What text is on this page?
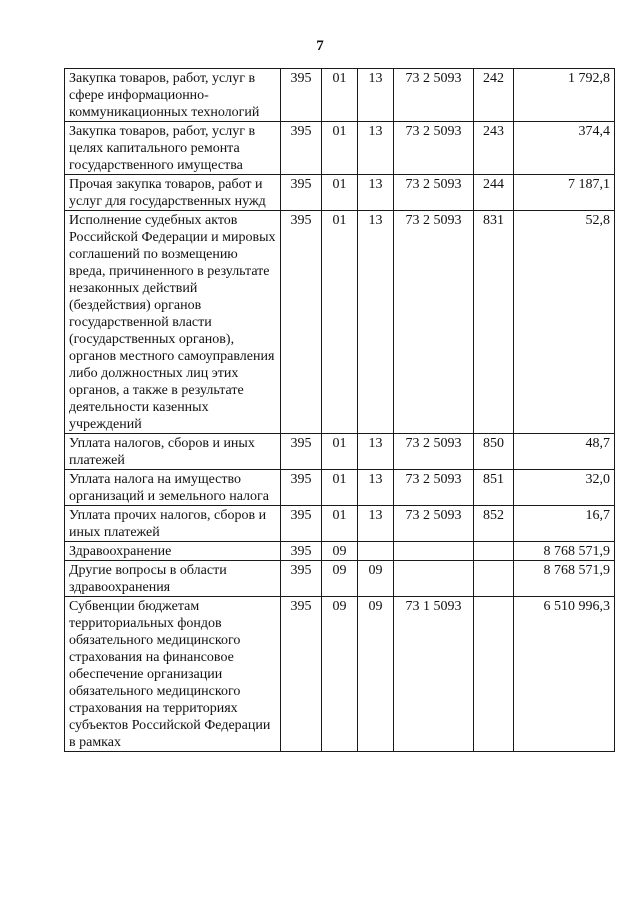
7
Закупка товаров, работ, услуг в сфере информационно-коммуникационных технологий	395	01	13	73 2 5093	242	1 792,8
Закупка товаров, работ, услуг в целях капитального ремонта государственного имущества	395	01	13	73 2 5093	243	374,4
Прочая закупка товаров, работ и услуг для государственных нужд	395	01	13	73 2 5093	244	7 187,1
Исполнение судебных актов Российской Федерации и мировых соглашений по возмещению вреда, причиненного в результате незаконных действий (бездействия) органов государственной власти (государственных органов), органов местного самоуправления либо должностных лиц этих органов, а также в результате деятельности казенных учреждений	395	01	13	73 2 5093	831	52,8
Уплата налогов, сборов и иных платежей	395	01	13	73 2 5093	850	48,7
Уплата налога на имущество организаций и земельного налога	395	01	13	73 2 5093	851	32,0
Уплата прочих налогов, сборов и иных платежей	395	01	13	73 2 5093	852	16,7
Здравоохранение	395	09				8 768 571,9
Другие вопросы в области здравоохранения	395	09	09			8 768 571,9
Субвенции бюджетам территориальных фондов обязательного медицинского страхования на финансовое обеспечение организации обязательного медицинского страхования на территориях субъектов Российской Федерации в рамках	395	09	09	73 1 5093		6 510 996,3
